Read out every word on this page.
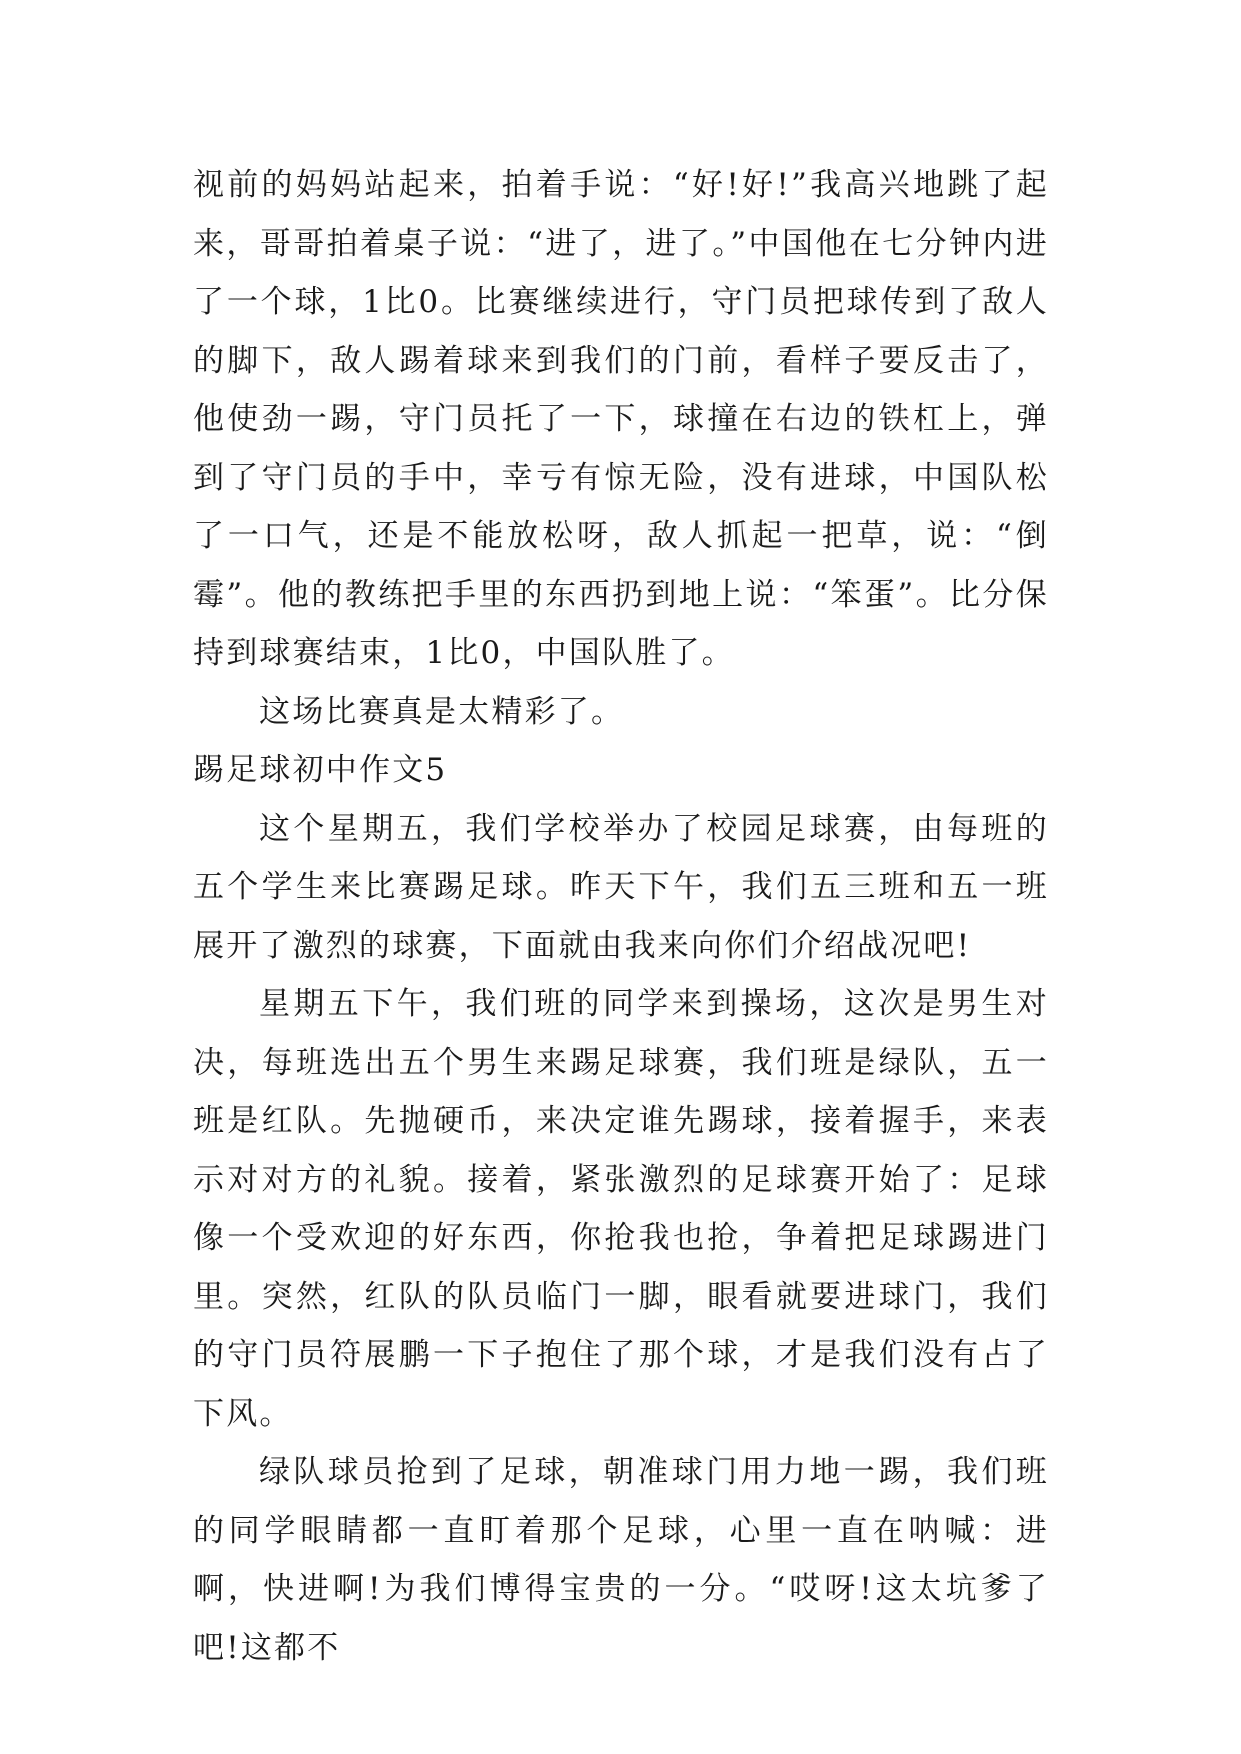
视前的妈妈站起来，拍着手说：“好!好!”我高兴地跳了起来，哥哥拍着桌子说：“进了，进了。”中国他在七分钟内进了一个球，1比0。比赛继续进行，守门员把球传到了敌人的脚下，敌人踢着球来到我们的门前，看样子要反击了，他使劲一踢，守门员托了一下，球撞在右边的铁杠上，弹到了守门员的手中，幸亏有惊无险，没有进球，中国队松了一口气，还是不能放松呀，敌人抓起一把草，说：“倒霉”。他的教练把手里的东西扔到地上说：“笨蛋”。比分保持到球赛结束，1比0，中国队胜了。

这场比赛真是太精彩了。

踢足球初中作文5

这个星期五，我们学校举办了校园足球赛，由每班的五个学生来比赛踢足球。昨天下午，我们五三班和五一班展开了激烈的球赛，下面就由我来向你们介绍战况吧!

星期五下午，我们班的同学来到操场，这次是男生对决，每班选出五个男生来踢足球赛，我们班是绿队，五一班是红队。先抛硬币，来决定谁先踢球，接着握手，来表示对对方的礼貌。接着，紧张激烈的足球赛开始了：足球像一个受欢迎的好东西，你抢我也抢，争着把足球踢进门里。突然，红队的队员临门一脚，眼看就要进球门，我们的守门员符展鹏一下子抱住了那个球，才是我们没有占了下风。

绿队球员抢到了足球，朝准球门用力地一踢，我们班的同学眼睛都一直盯着那个足球，心里一直在呐喊：进啊，快进啊!为我们博得宝贵的一分。“哎呀!这太坑爹了吧!这都不
